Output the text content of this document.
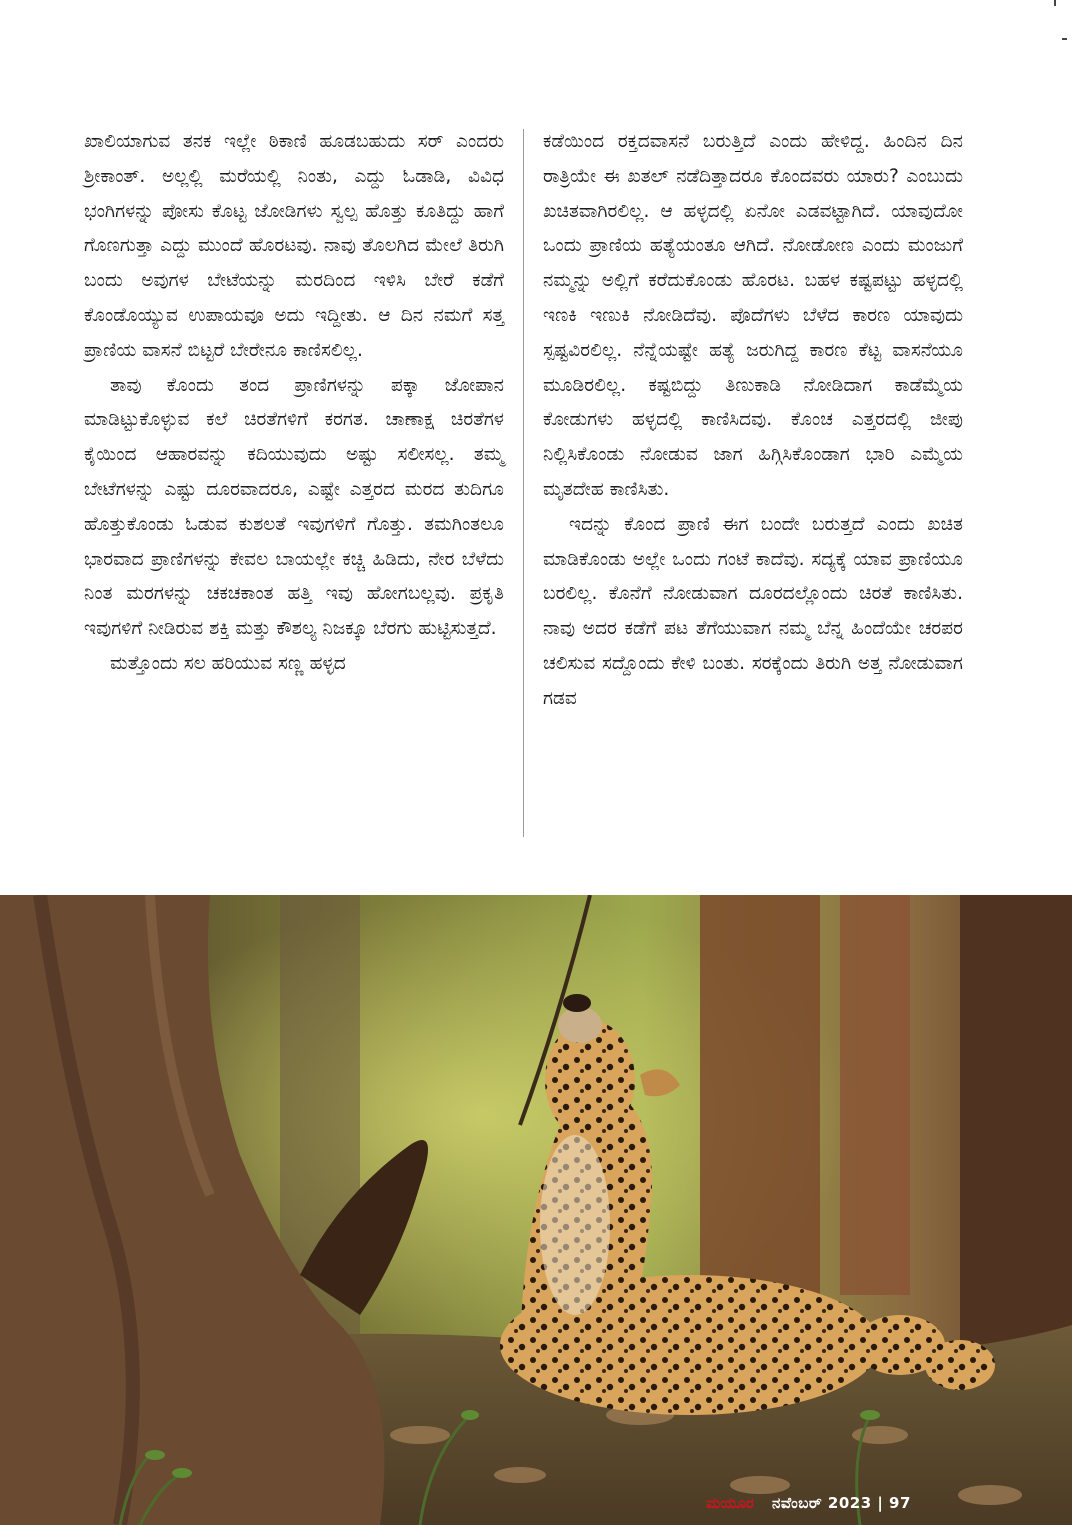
ಖಾಲಿಯಾಗುವ ತನಕ ಇಲ್ಲೇ ಠಿಕಾಣಿ ಹೂಡಬಹುದು ಸರ್ ಎಂದರು ಶ್ರೀಕಾಂತ್. ಅಲ್ಲಲ್ಲಿ ಮರೆಯಲ್ಲಿ ನಿಂತು, ಎದ್ದು ಓಡಾಡಿ, ವಿವಿಧ ಭಂಗಿಗಳನ್ನು ಪೋಸು ಕೊಟ್ಟ ಜೋಡಿಗಳು ಸ್ವಲ್ಪ ಹೊತ್ತು ಕೂತಿದ್ದು ಹಾಗೆ ಗೊಣಗುತ್ತಾ ಎದ್ದು ಮುಂದೆ ಹೊರಟವು. ನಾವು ತೊಲಗಿದ ಮೇಲೆ ತಿರುಗಿ ಬಂದು ಅವುಗಳ ಬೇಟೆಯನ್ನು ಮರದಿಂದ ಇಳಿಸಿ ಬೇರೆ ಕಡೆಗೆ ಕೊಂಡೊಯ್ಯುವ ಉಪಾಯವೂ ಅದು ಇದ್ದೀತು. ಆ ದಿನ ನಮಗೆ ಸತ್ತ ಪ್ರಾಣಿಯ ವಾಸನೆ ಬಿಟ್ಟರೆ ಬೇರೇನೂ ಕಾಣಿಸಲಿಲ್ಲ.

ತಾವು ಕೊಂದು ತಂದ ಪ್ರಾಣಿಗಳನ್ನು ಪಕ್ಕಾ ಜೋಪಾನ ಮಾಡಿಟ್ಟುಕೊಳ್ಳುವ ಕಲೆ ಚಿರತೆಗಳಿಗೆ ಕರಗತ. ಚಾಣಾಕ್ಷ ಚಿರತೆಗಳ ಕೈಯಿಂದ ಆಹಾರವನ್ನು ಕದಿಯುವುದು ಅಷ್ಟು ಸಲೀಸಲ್ಲ. ತಮ್ಮ ಬೇಟೆಗಳನ್ನು ಎಷ್ಟು ದೂರವಾದರೂ, ಎಷ್ಟೇ ಎತ್ತರದ ಮರದ ತುದಿಗೂ ಹೊತ್ತುಕೊಂಡು ಓಡುವ ಕುಶಲತೆ ಇವುಗಳಿಗೆ ಗೊತ್ತು. ತಮಗಿಂತಲೂ ಭಾರವಾದ ಪ್ರಾಣಿಗಳನ್ನು ಕೇವಲ ಬಾಯಲ್ಲೇ ಕಚ್ಚಿ ಹಿಡಿದು, ನೇರ ಬೆಳೆದು ನಿಂತ ಮರಗಳನ್ನು ಚಕಚಕಾಂತ ಹತ್ತಿ ಇವು ಹೋಗಬಲ್ಲವು. ಪ್ರಕೃತಿ ಇವುಗಳಿಗೆ ನೀಡಿರುವ ಶಕ್ತಿ ಮತ್ತು ಕೌಶಲ್ಯ ನಿಜಕ್ಕೂ ಬೆರಗು ಹುಟ್ಟಿಸುತ್ತದೆ.

ಮತ್ತೊಂದು ಸಲ ಹರಿಯುವ ಸಣ್ಣ ಹಳ್ಳದ

ಕಡೆಯಿಂದ ರಕ್ತದವಾಸನೆ ಬರುತ್ತಿದೆ ಎಂದು ಹೇಳಿದ್ದ. ಹಿಂದಿನ ದಿನ ರಾತ್ರಿಯೇ ಈ ಖತಲ್ ನಡೆದಿತ್ತಾದರೂ ಕೊಂದವರು ಯಾರು? ಎಂಬುದು ಖಚಿತವಾಗಿರಲಿಲ್ಲ. ಆ ಹಳ್ಳದಲ್ಲಿ ಏನೋ ಎಡವಟ್ಟಾಗಿದೆ. ಯಾವುದೋ ಒಂದು ಪ್ರಾಣಿಯ ಹತ್ಯೆಯಂತೂ ಆಗಿದೆ. ನೋಡೋಣ ಎಂದು ಮಂಜುಗೆ ನಮ್ಮನ್ನು ಅಲ್ಲಿಗೆ ಕರೆದುಕೊಂಡು ಹೊರಟ. ಬಹಳ ಕಷ್ಟಪಟ್ಟು ಹಳ್ಳದಲ್ಲಿ ಇಣಕಿ ಇಣುಕಿ ನೋಡಿದೆವು. ಪೊದೆಗಳು ಬೆಳೆದ ಕಾರಣ ಯಾವುದು ಸ್ಪಷ್ಟವಿರಲಿಲ್ಲ. ನೆನ್ನೆಯಷ್ಟೇ ಹತ್ಯೆ ಜರುಗಿದ್ದ ಕಾರಣ ಕೆಟ್ಟ ವಾಸನೆಯೂ ಮೂಡಿರಲಿಲ್ಲ. ಕಷ್ಟಬಿದ್ದು ತಿಣುಕಾಡಿ ನೋಡಿದಾಗ ಕಾಡೆಮ್ಮೆಯ ಕೋಡುಗಳು ಹಳ್ಳದಲ್ಲಿ ಕಾಣಿಸಿದವು. ಕೊಂಚ ಎತ್ತರದಲ್ಲಿ ಜೀಪು ನಿಲ್ಲಿಸಿಕೊಂಡು ನೋಡುವ ಜಾಗ ಹಿಗ್ಗಿಸಿಕೊಂಡಾಗ ಭಾರಿ ಎಮ್ಮೆಯ ಮೃತದೇಹ ಕಾಣಿಸಿತು.

ಇದನ್ನು ಕೊಂದ ಪ್ರಾಣಿ ಈಗ ಬಂದೇ ಬರುತ್ತದೆ ಎಂದು ಖಚಿತ ಮಾಡಿಕೊಂಡು ಅಲ್ಲೇ ಒಂದು ಗಂಟೆ ಕಾದೆವು. ಸದ್ಯಕ್ಕೆ ಯಾವ ಪ್ರಾಣಿಯೂ ಬರಲಿಲ್ಲ. ಕೊನೆಗೆ ನೋಡುವಾಗ ದೂರದಲ್ಲೊಂದು ಚಿರತೆ ಕಾಣಿಸಿತು. ನಾವು ಅದರ ಕಡೆಗೆ ಪಟ ತೆಗೆಯುವಾಗ ನಮ್ಮ ಬೆನ್ನ ಹಿಂದೆಯೇ ಚರಪರ ಚಲಿಸುವ ಸದ್ದೊಂದು ಕೇಳಿ ಬಂತು. ಸರಕ್ಕೆಂದು ತಿರುಗಿ ಅತ್ತ ನೋಡುವಾಗ ಗಡವ

ಮಯೂರ ನವೆಂಬರ್ 2023 | 97
